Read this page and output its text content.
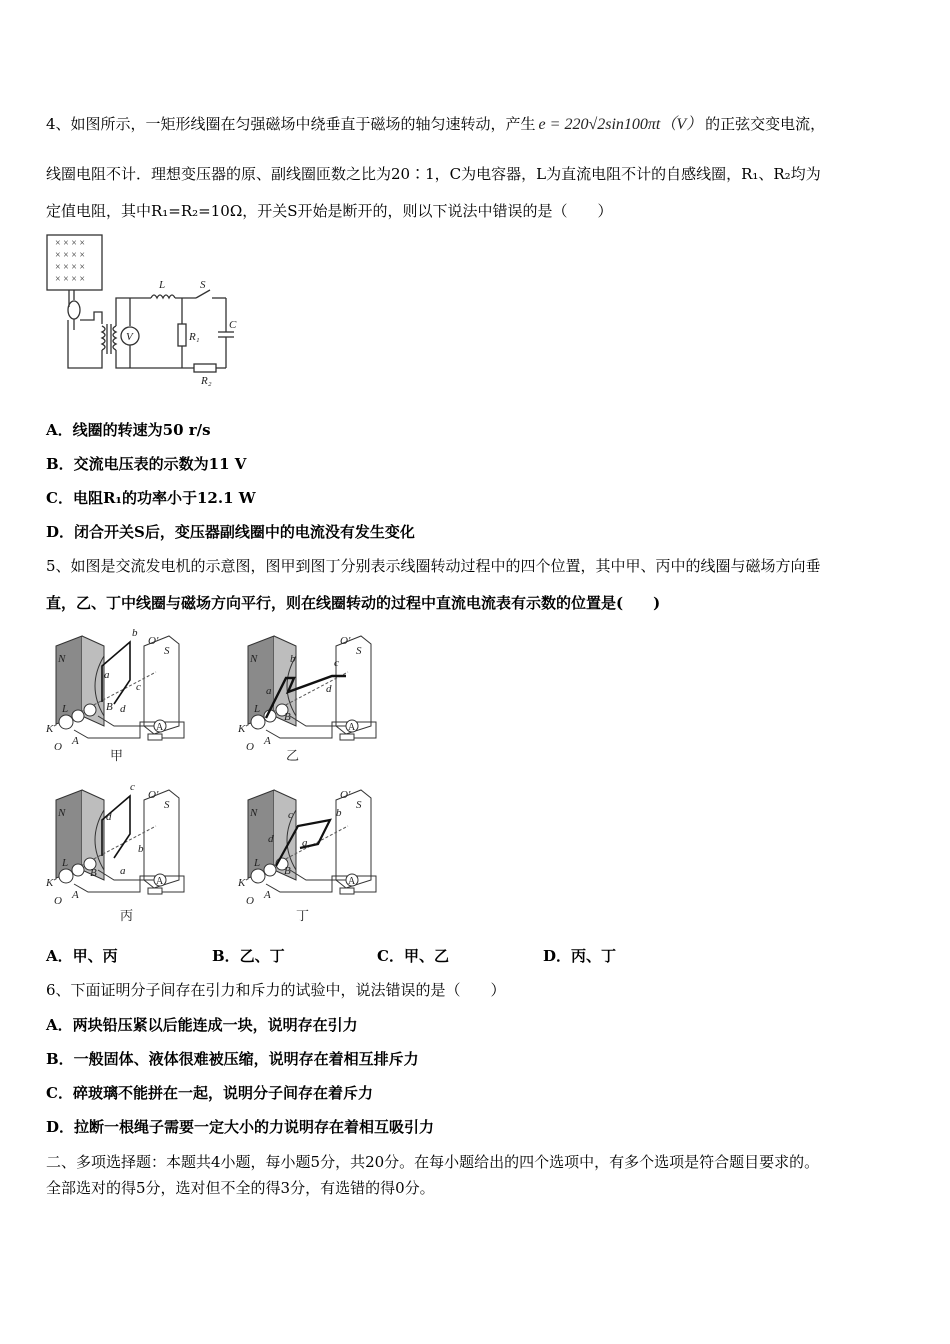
4、如图所示，一矩形线圈在匀强磁场中绕垂直于磁场的轴匀速转动，产生 e = 220√2sin100πt（V） 的正弦交变电流，
线圈电阻不计．理想变压器的原、副线圈匝数之比为20∶1，C为电容器，L为直流电阻不计的自感线圈，R₁、R₂均为
定值电阻，其中R₁=R₂=10Ω，开关S开始是断开的，则以下说法中错误的是（　　）
× × × ×
× × × ×
× × × ×
× × × ×
V
L	S
R₁
R₂
C
A．线圈的转速为50 r/s
B．交流电压表的示数为11 V
C．电阻R₁的功率小于12.1 W
D．闭合开关S后，变压器副线圈中的电流没有发生变化
5、如图是交流发电机的示意图，图甲到图丁分别表示线圈转动过程中的四个位置，其中甲、丙中的线圈与磁场方向垂
直，乙、丁中线圈与磁场方向平行，则在线圈转动的过程中直流电流表有示数的位置是(　　)
N
S
b
a
c
d
O'
L
K
O A
B
N
S
b
a
c
d
O'
L
K
O A
B
N
S
c
d
b
a
O'
L
K
O A
B
N
S
c	b
d	a
O'
L
K
O A
B
A	A
A	A
甲	乙
丙	丁
A．甲、丙	B．乙、丁	C．甲、乙	D．丙、丁
6、下面证明分子间存在引力和斥力的试验中，说法错误的是（　　）
A．两块铅压紧以后能连成一块，说明存在引力
B．一般固体、液体很难被压缩，说明存在着相互排斥力
C．碎玻璃不能拼在一起，说明分子间存在着斥力
D．拉断一根绳子需要一定大小的力说明存在着相互吸引力
二、多项选择题：本题共4小题，每小题5分，共20分。在每小题给出的四个选项中，有多个选项是符合题目要求的。
全部选对的得5分，选对但不全的得3分，有选错的得0分。
